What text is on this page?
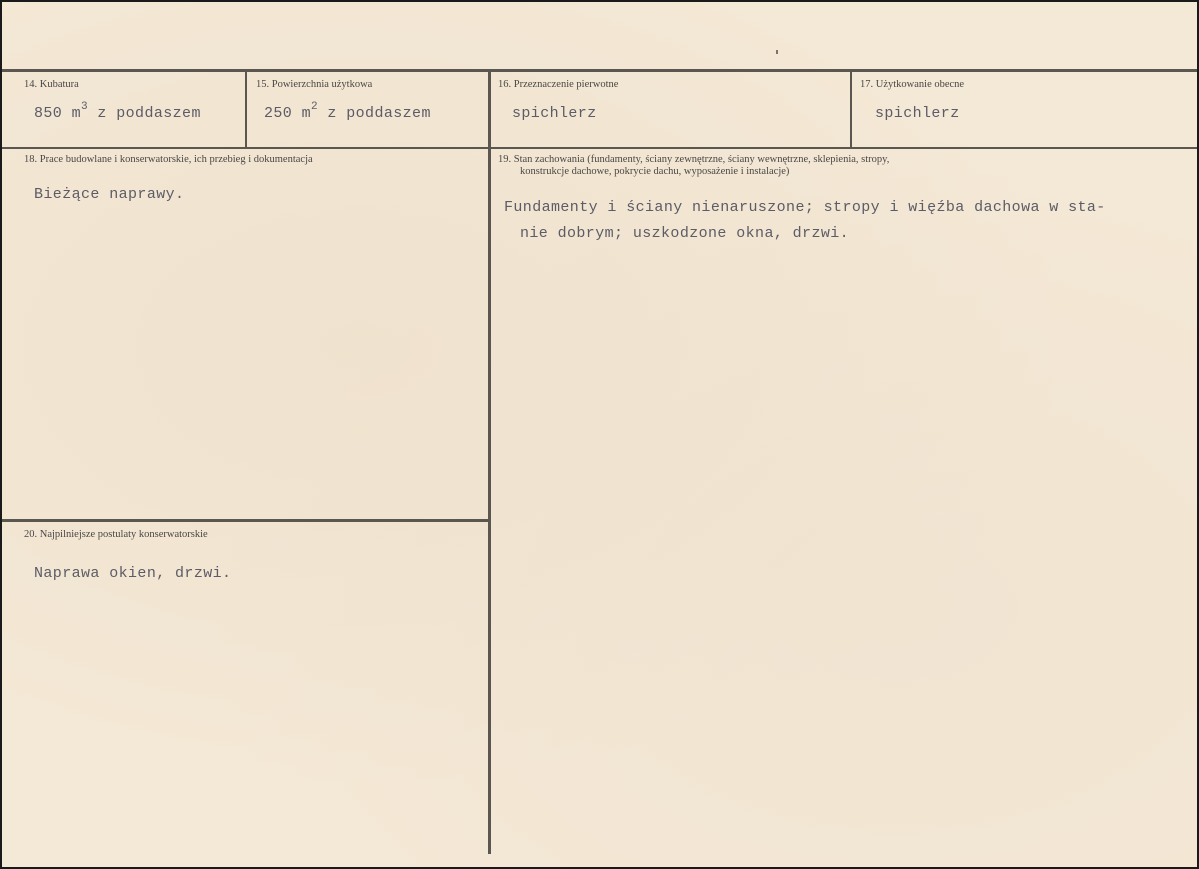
14. Kubatura
850 $m^3$ z poddaszem
15. Powierzchnia użytkowa
250 $m^2$ z poddaszem
16. Przeznaczenie pierwotne
spichlerz
17. Użytkowanie obecne
spichlerz
18. Prace budowlane i konserwatorskie, ich przebieg i dokumentacja
Bieżące naprawy.
19. Stan zachowania (fundamenty, ściany zewnętrzne, ściany wewnętrzne, sklepienia, stropy,
konstrukcje dachowe, pokrycie dachu, wyposażenie i instalacje)
Fundamenty i ściany nienaruszone; stropy i więźba dachowa w sta-
nie dobrym; uszkodzone okna, drzwi.
20. Najpilniejsze postulaty konserwatorskie
Naprawa okien, drzwi.
